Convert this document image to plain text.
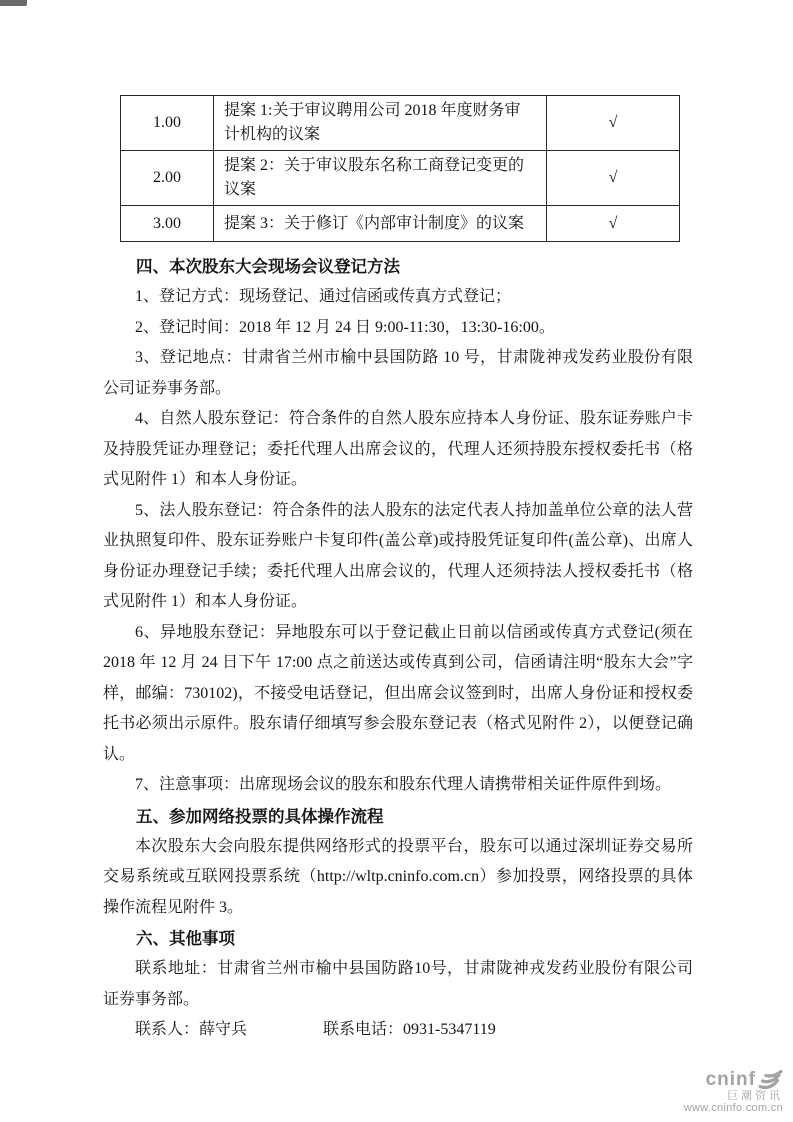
1.00	提案 1:关于审议聘用公司 2018 年度财务审计机构的议案	√
2.00	提案 2：关于审议股东名称工商登记变更的议案	√
3.00	提案 3：关于修订《内部审计制度》的议案	√
四、本次股东大会现场会议登记方法

1、登记方式：现场登记、通过信函或传真方式登记；

2、登记时间：2018 年 12 月 24 日 9:00-11:30，13:30-16:00。

3、登记地点：甘肃省兰州市榆中县国防路 10 号，甘肃陇神戎发药业股份有限公司证券事务部。

4、自然人股东登记：符合条件的自然人股东应持本人身份证、股东证券账户卡及持股凭证办理登记；委托代理人出席会议的，代理人还须持股东授权委托书（格式见附件 1）和本人身份证。

5、法人股东登记：符合条件的法人股东的法定代表人持加盖单位公章的法人营业执照复印件、股东证券账户卡复印件(盖公章)或持股凭证复印件(盖公章)、出席人身份证办理登记手续；委托代理人出席会议的，代理人还须持法人授权委托书（格式见附件 1）和本人身份证。

6、异地股东登记：异地股东可以于登记截止日前以信函或传真方式登记(须在 2018 年 12 月 24 日下午 17:00 点之前送达或传真到公司，信函请注明“股东大会”字样，邮编：730102)，不接受电话登记，但出席会议签到时，出席人身份证和授权委托书必须出示原件。股东请仔细填写参会股东登记表（格式见附件 2），以便登记确认。

7、注意事项：出席现场会议的股东和股东代理人请携带相关证件原件到场。

五、参加网络投票的具体操作流程

本次股东大会向股东提供网络形式的投票平台，股东可以通过深圳证券交易所交易系统或互联网投票系统（http://wltp.cninfo.com.cn）参加投票，网络投票的具体操作流程见附件 3。

六、其他事项

联系地址：甘肃省兰州市榆中县国防路10号，甘肃陇神戎发药业股份有限公司证券事务部。

联系人：薛守兵	联系电话：0931-5347119

cninf
巨潮资讯
www.cninfo.com.cn
